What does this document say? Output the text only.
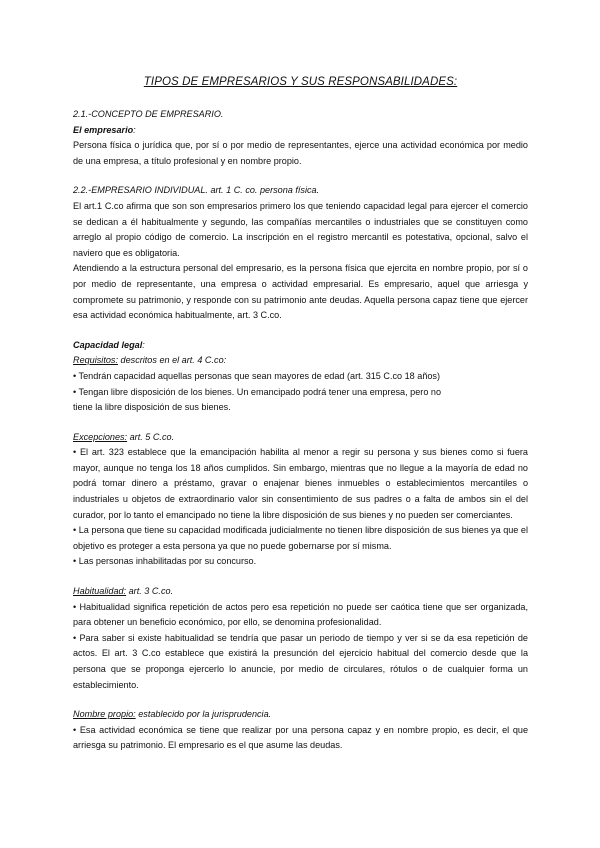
TIPOS DE EMPRESARIOS Y SUS RESPONSABILIDADES:

2.1.-CONCEPTO DE EMPRESARIO.

El empresario:

Persona física o jurídica que, por sí o por medio de representantes, ejerce una actividad económica por medio de una empresa, a título profesional y en nombre propio.

2.2.-EMPRESARIO INDIVIDUAL. art. 1 C. co. persona física.

El art.1 C.co afirma que son son empresarios primero los que teniendo capacidad legal para ejercer el comercio se dedican a él habitualmente y segundo, las compañías mercantiles o industriales que se constituyen como arreglo al propio código de comercio. La inscripción en el registro mercantil es potestativa, opcional, salvo el naviero que es obligatoria.

Atendiendo a la estructura personal del empresario, es la persona física que ejercita en nombre propio, por sí o por medio de representante, una empresa o actividad empresarial. Es empresario, aquel que arriesga y compromete su patrimonio, y responde con su patrimonio ante deudas. Aquella persona capaz tiene que ejercer esa actividad económica habitualmente, art. 3 C.co.

Capacidad legal:

Requisitos: descritos en el art. 4 C.co:

• Tendrán capacidad aquellas personas que sean mayores de edad (art. 315 C.co 18 años)

• Tengan libre disposición de los bienes. Un emancipado podrá tener una empresa, pero no

tiene la libre disposición de sus bienes.

Excepciones: art. 5 C.co.

• El art. 323 establece que la emancipación habilita al menor a regir su persona y sus bienes como si fuera mayor, aunque no tenga los 18 años cumplidos. Sin embargo, mientras que no llegue a la mayoría de edad no podrá tomar dinero a préstamo, gravar o enajenar bienes inmuebles o establecimientos mercantiles o industriales u objetos de extraordinario valor sin consentimiento de sus padres o a falta de ambos sin el del curador, por lo tanto el emancipado no tiene la libre disposición de sus bienes y no pueden ser comerciantes.

• La persona que tiene su capacidad modificada judicialmente no tienen libre disposición de sus bienes ya que el objetivo es proteger a esta persona ya que no puede gobernarse por sí misma.

• Las personas inhabilitadas por su concurso.

Habitualidad: art. 3 C.co.

• Habitualidad significa repetición de actos pero esa repetición no puede ser caótica tiene que ser organizada, para obtener un beneficio económico, por ello, se denomina profesionalidad.

• Para saber si existe habitualidad se tendría que pasar un periodo de tiempo y ver si se da esa repetición de actos. El art. 3 C.co establece que existirá la presunción del ejercicio habitual del comercio desde que la persona que se proponga ejercerlo lo anuncie, por medio de circulares, rótulos o de cualquier forma un establecimiento.

Nombre propio: establecido por la jurisprudencia.

• Esa actividad económica se tiene que realizar por una persona capaz y en nombre propio, es decir, el que arriesga su patrimonio. El empresario es el que asume las deudas.
